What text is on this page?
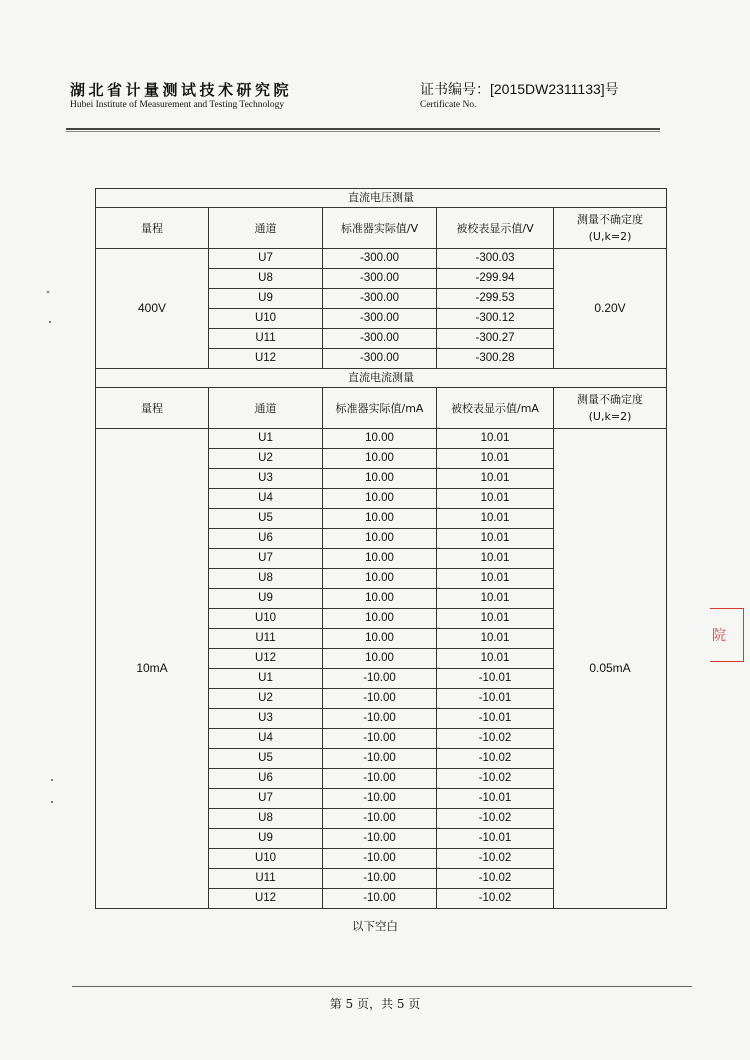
湖北省计量测试技术研究院
Hubei Institute of Measurement and Testing Technology
证书编号：[2015DW2311133]号
Certificate No.
直流电压测量				
量程	通道	标准器实际值/V	被校表显示值/V	测量不确定度
(U,k=2)

400V	U7	-300.00	-300.03	0.20V
	U8	-300.00	-299.94	
	U9	-300.00	-299.53	
	U10	-300.00	-300.12	
	U11	-300.00	-300.27	
	U12	-300.00	-300.28	
直流电流测量				
量程	通道	标准器实际值/mA	被校表显示值/mA	测量不确定度
(U,k=2)

10mA	U1	10.00	10.01	0.05mA
	U2	10.00	10.01	
	U3	10.00	10.01	
	U4	10.00	10.01	
	U5	10.00	10.01	
	U6	10.00	10.01	
	U7	10.00	10.01	
	U8	10.00	10.01	
	U9	10.00	10.01	
	U10	10.00	10.01	
	U11	10.00	10.01	
	U12	10.00	10.01	
	U1	-10.00	-10.01	
	U2	-10.00	-10.01	
	U3	-10.00	-10.01	
	U4	-10.00	-10.02	
	U5	-10.00	-10.02	
	U6	-10.00	-10.02	
	U7	-10.00	-10.01	
	U8	-10.00	-10.02	
	U9	-10.00	-10.01	
	U10	-10.00	-10.02	
	U11	-10.00	-10.02	
	U12	-10.00	-10.02	
以下空白
第 5 页，共 5 页
院
